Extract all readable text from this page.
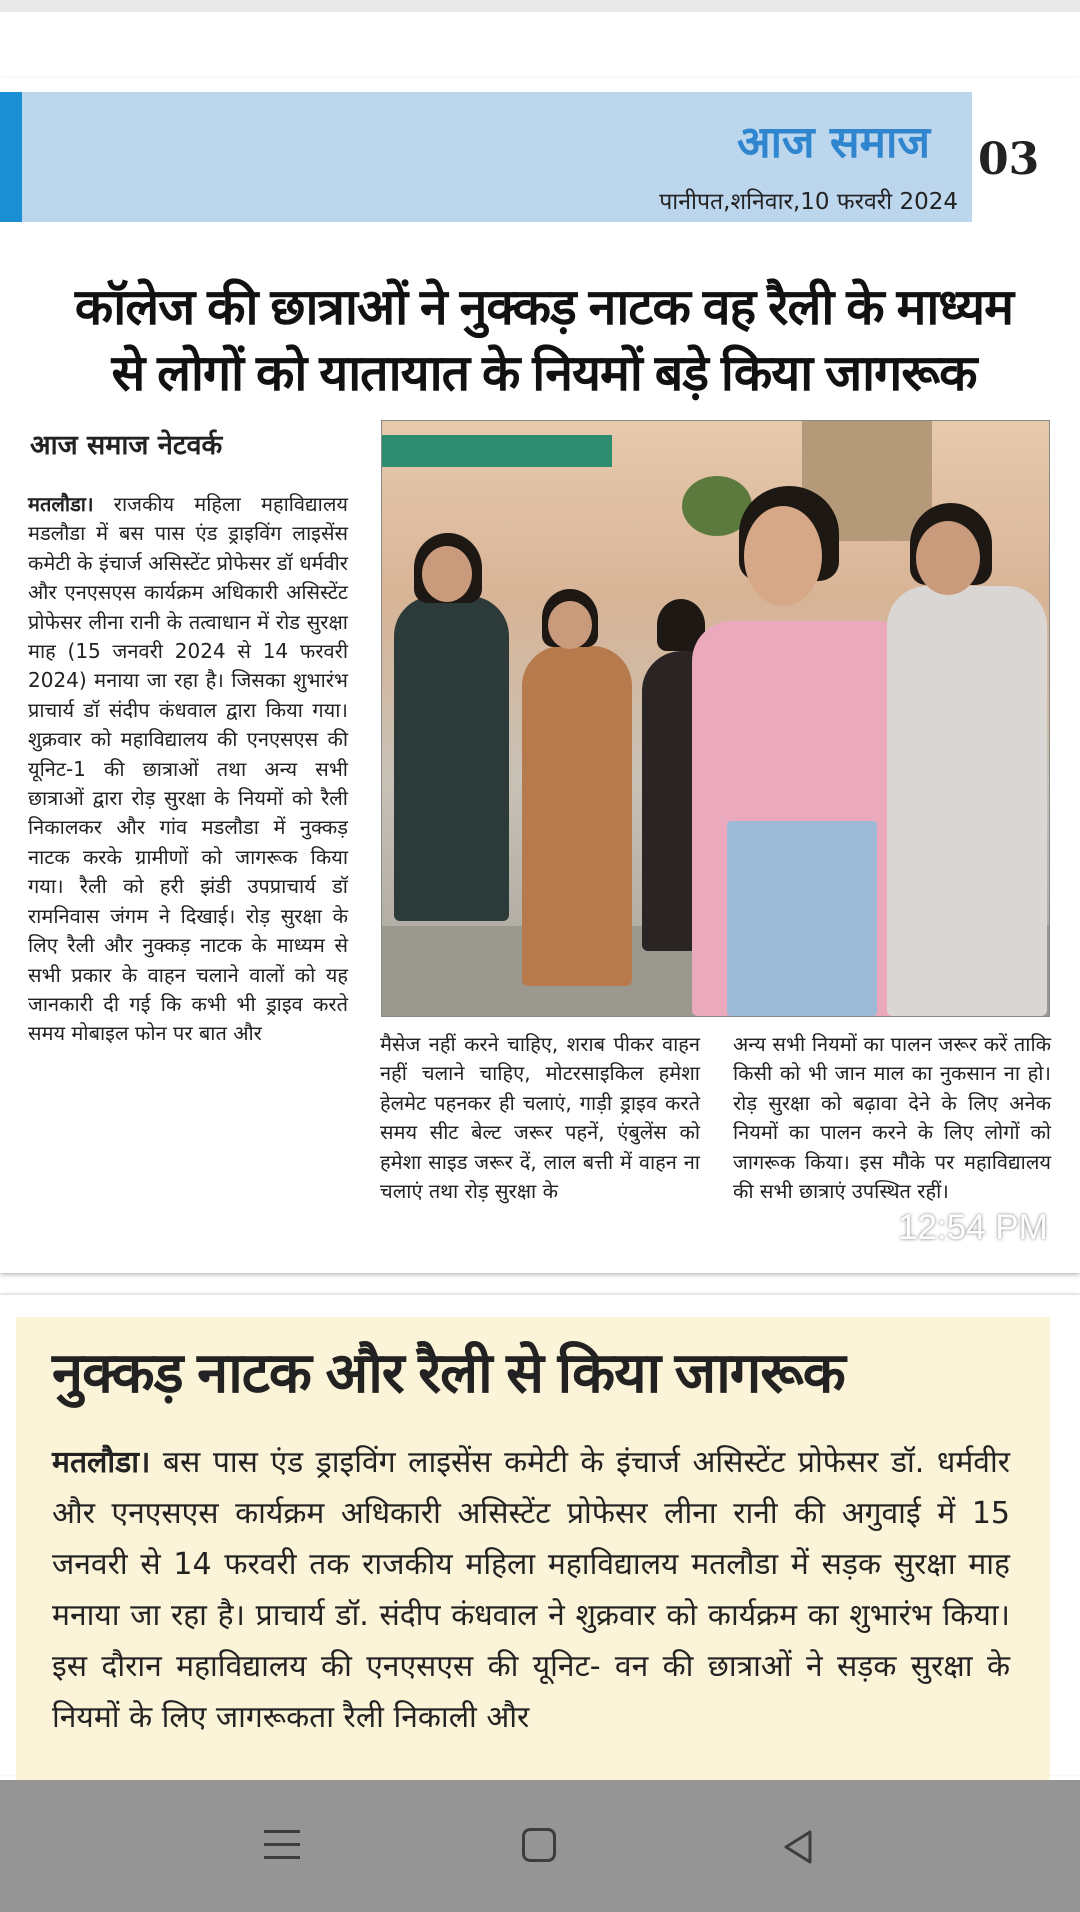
आज समाज
पानीपत,शनिवार,10 फरवरी 2024
03
कॉलेज की छात्राओं ने नुक्कड़ नाटक वह रैली के माध्यम
से लोगों को यातायात के नियमों बड़े किया जागरूक
आज समाज नेटवर्क
मतलौडा। राजकीय महिला महाविद्यालय मडलौडा में बस पास एंड ड्राइविंग लाइसेंस कमेटी के इंचार्ज असिस्टेंट प्रोफेसर डॉ धर्मवीर और एनएसएस कार्यक्रम अधिकारी असिस्टेंट प्रोफेसर लीना रानी के तत्वाधान में रोड सुरक्षा माह (15 जनवरी 2024 से 14 फरवरी 2024) मनाया जा रहा है। जिसका शुभारंभ प्राचार्य डॉ संदीप कंधवाल द्वारा किया गया। शुक्रवार को महाविद्यालय की एनएसएस की यूनिट-1 की छात्राओं तथा अन्य सभी छात्राओं द्वारा रोड़ सुरक्षा के नियमों को रैली निकालकर और गांव मडलौडा में नुक्कड़ नाटक करके ग्रामीणों को जागरूक किया गया। रैली को हरी झंडी उपप्राचार्य डॉ रामनिवास जंगम ने दिखाई। रोड़ सुरक्षा के लिए रैली और नुक्कड़ नाटक के माध्यम से सभी प्रकार के वाहन चलाने वालों को यह जानकारी दी गई कि कभी भी ड्राइव करते समय मोबाइल फोन पर बात और	मैसेज नहीं करने चाहिए, शराब पीकर वाहन नहीं चलाने चाहिए, मोटरसाइकिल हमेशा हेलमेट पहनकर ही चलाएं, गाड़ी ड्राइव करते समय सीट बेल्ट जरूर पहनें, एंबुलेंस को हमेशा साइड जरूर दें, लाल बत्ती में वाहन ना चलाएं तथा रोड़ सुरक्षा के
अन्य सभी नियमों का पालन जरूर करें ताकि किसी को भी जान माल का नुकसान ना हो। रोड़ सुरक्षा को बढ़ावा देने के लिए अनेक नियमों का पालन करने के लिए लोगों को जागरूक किया। इस मौके पर महाविद्यालय की सभी छात्राएं उपस्थित रहीं।
नुक्कड़ नाटक और रैली से किया जागरूक
मतलौडा। बस पास एंड ड्राइविंग लाइसेंस कमेटी के इंचार्ज असिस्टेंट प्रोफेसर डॉ. धर्मवीर और एनएसएस कार्यक्रम अधिकारी असिस्टेंट प्रोफेसर लीना रानी की अगुवाई में 15 जनवरी से 14 फरवरी तक राजकीय महिला महाविद्यालय मतलौडा में सड़क सुरक्षा माह मनाया जा रहा है। प्राचार्य डॉ. संदीप कंधवाल ने शुक्रवार को कार्यक्रम का शुभारंभ किया। इस दौरान महाविद्यालय की एनएसएस की यूनिट- वन की छात्राओं ने सड़क सुरक्षा के नियमों के लिए जागरूकता रैली निकाली और
12:54 PM
